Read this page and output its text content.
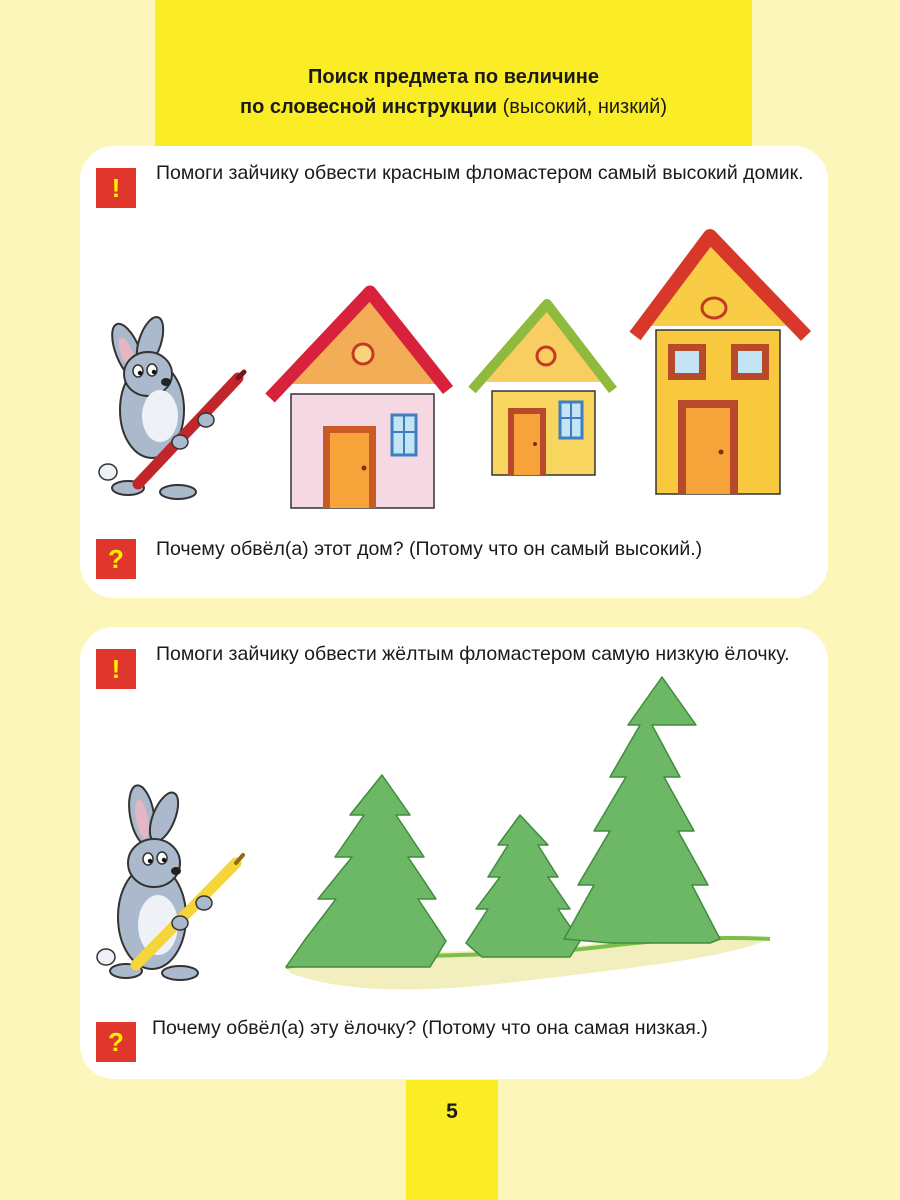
Поиск предмета по величине
по словесной инструкции (высокий, низкий)
!	Помоги зайчику обвести красным фломастером самый высокий домик.
?	Почему обвёл(а) этот дом? (Потому что он самый высокий.)
!	Помоги зайчику обвести жёлтым фломастером самую низкую ёлочку.
?	Почему обвёл(а) эту ёлочку? (Потому что она самая низкая.)
5
